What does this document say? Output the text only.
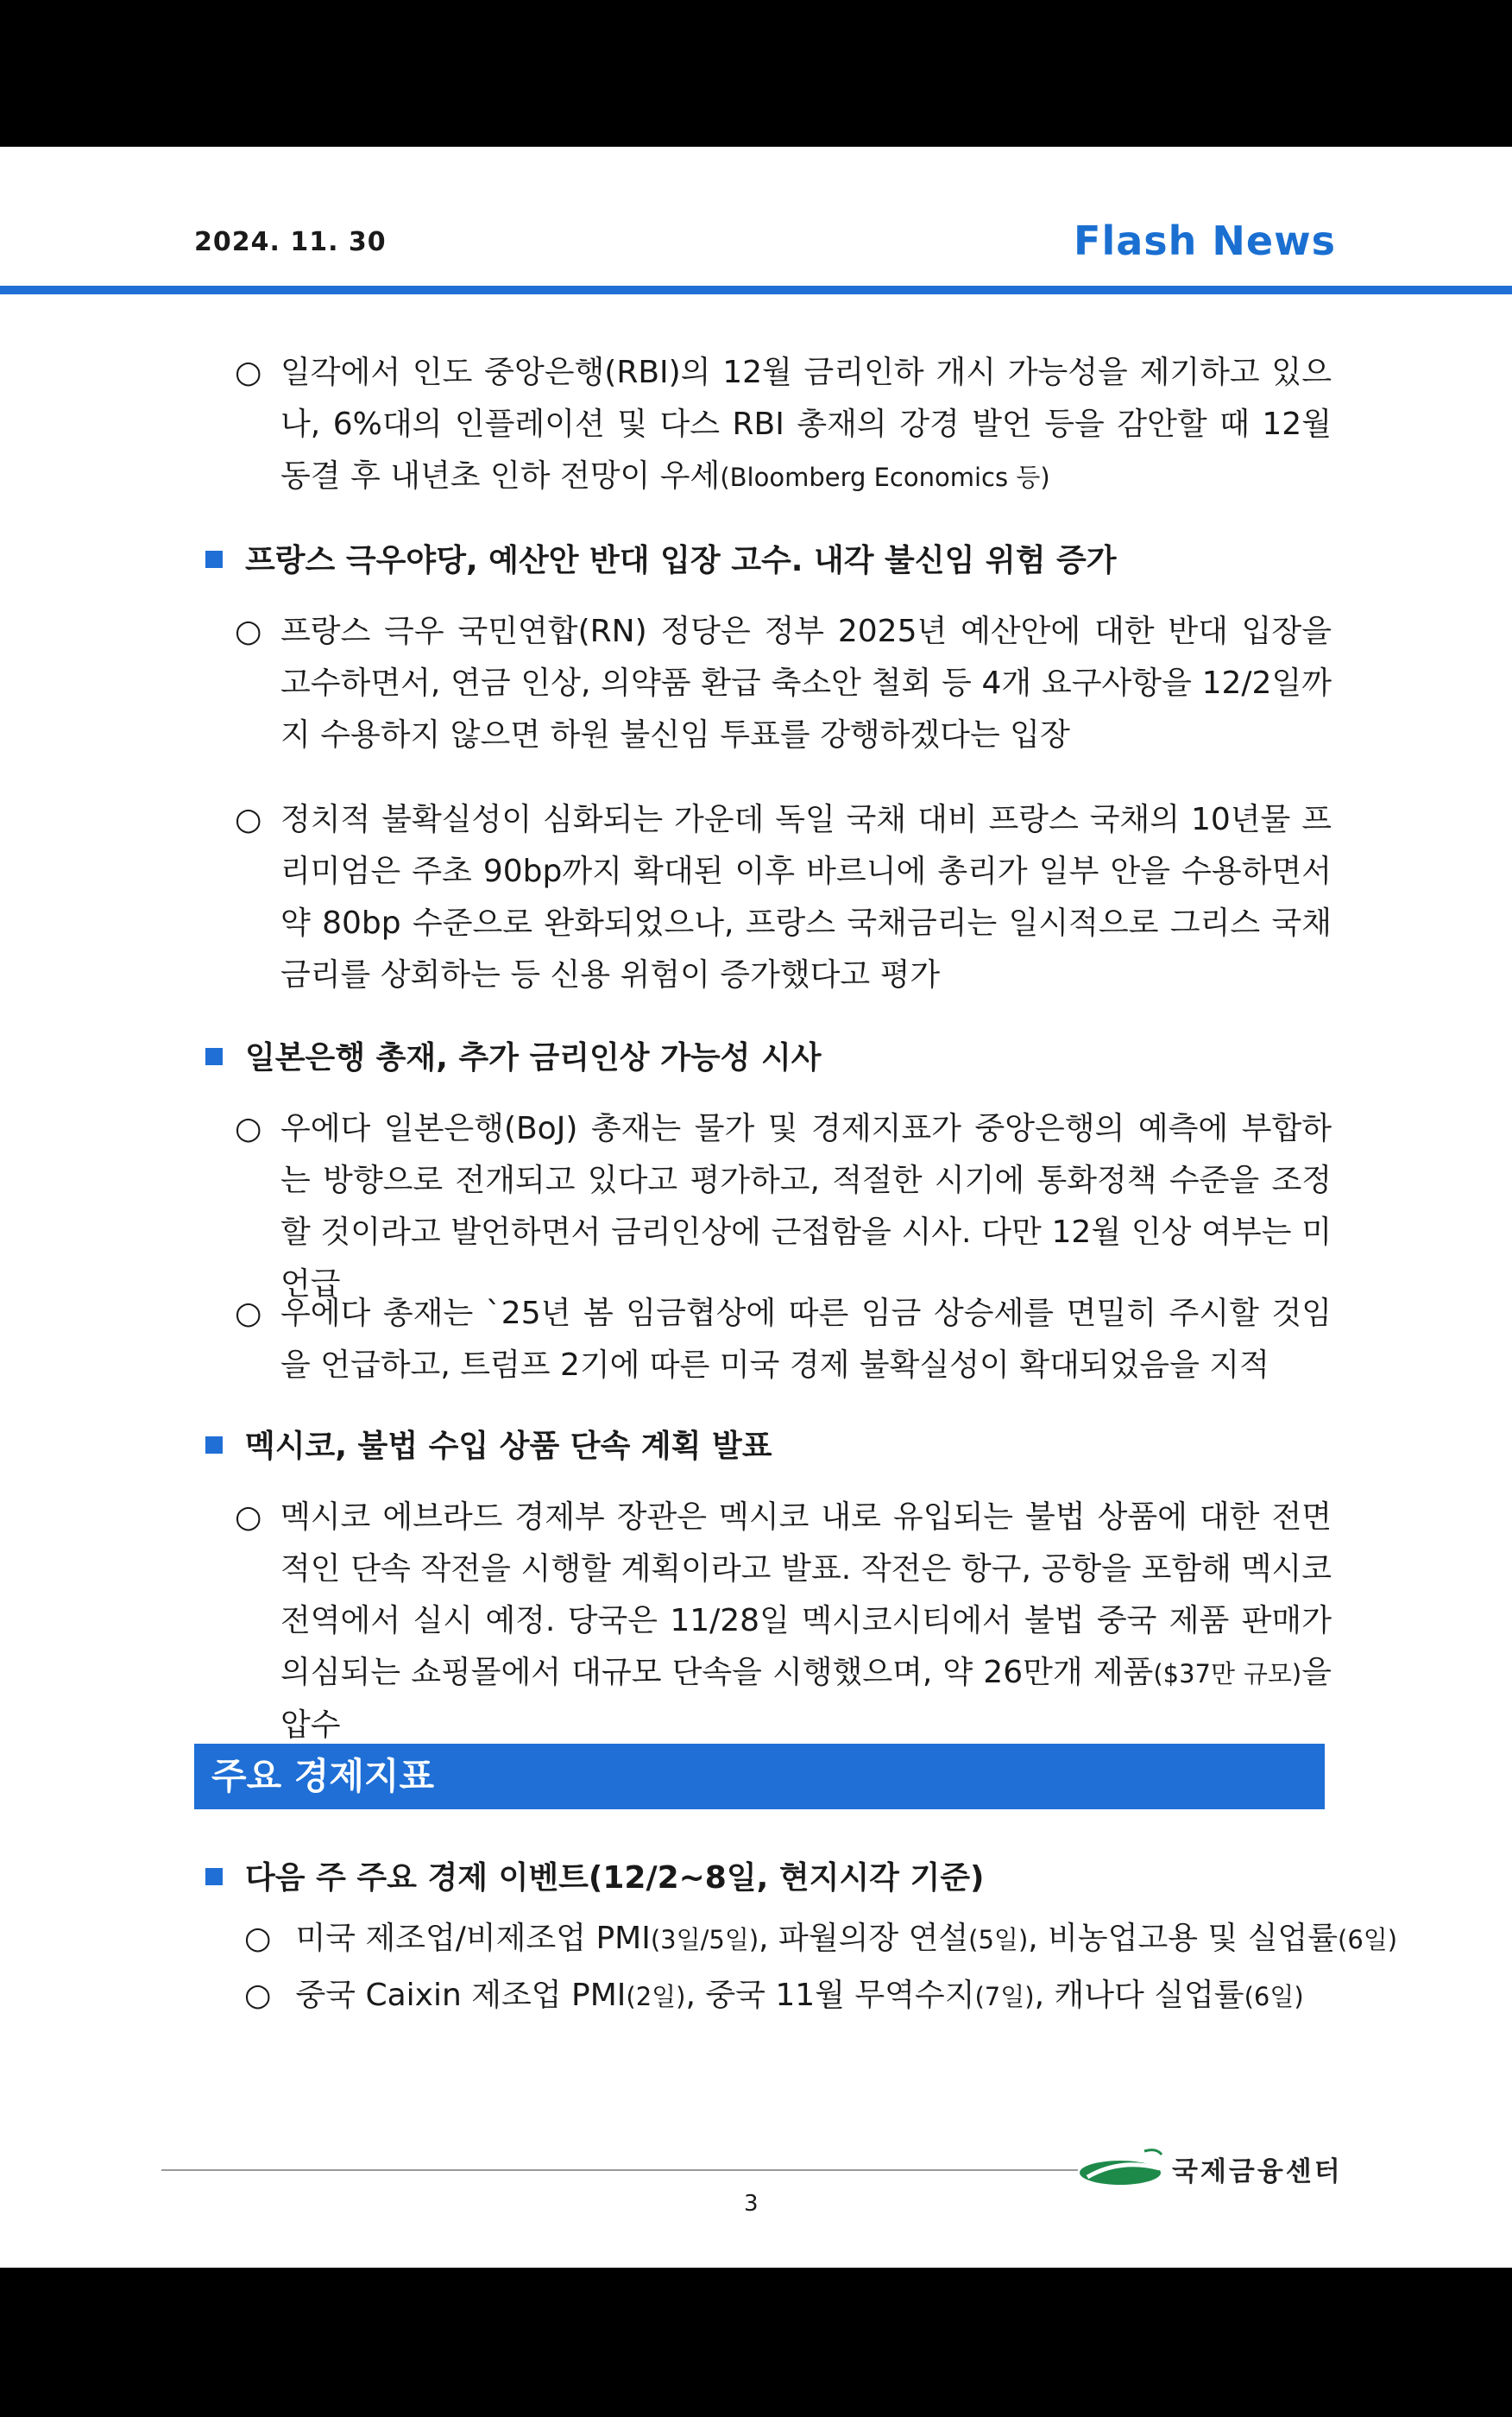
2024. 11. 30	Flash News
○ 일각에서 인도 중앙은행(RBI)의 12월 금리인하 개시 가능성을 제기하고 있으나, 6%대의 인플레이션 및 다스 RBI 총재의 강경 발언 등을 감안할 때 12월 동결 후 내년초 인하 전망이 우세(Bloomberg Economics 등)
프랑스 극우야당, 예산안 반대 입장 고수. 내각 불신임 위험 증가
○ 프랑스 극우 국민연합(RN) 정당은 정부 2025년 예산안에 대한 반대 입장을 고수하면서, 연금 인상, 의약품 환급 축소안 철회 등 4개 요구사항을 12/2일까지 수용하지 않으면 하원 불신임 투표를 강행하겠다는 입장
○ 정치적 불확실성이 심화되는 가운데 독일 국채 대비 프랑스 국채의 10년물 프리미엄은 주초 90bp까지 확대된 이후 바르니에 총리가 일부 안을 수용하면서 약 80bp 수준으로 완화되었으나, 프랑스 국채금리는 일시적으로 그리스 국채금리를 상회하는 등 신용 위험이 증가했다고 평가
일본은행 총재, 추가 금리인상 가능성 시사
○ 우에다 일본은행(BoJ) 총재는 물가 및 경제지표가 중앙은행의 예측에 부합하는 방향으로 전개되고 있다고 평가하고, 적절한 시기에 통화정책 수준을 조정할 것이라고 발언하면서 금리인상에 근접함을 시사. 다만 12월 인상 여부는 미언급
○ 우에다 총재는 `25년 봄 임금협상에 따른 임금 상승세를 면밀히 주시할 것임을 언급하고, 트럼프 2기에 따른 미국 경제 불확실성이 확대되었음을 지적
멕시코, 불법 수입 상품 단속 계획 발표
○ 멕시코 에브라드 경제부 장관은 멕시코 내로 유입되는 불법 상품에 대한 전면적인 단속 작전을 시행할 계획이라고 발표. 작전은 항구, 공항을 포함해 멕시코 전역에서 실시 예정. 당국은 11/28일 멕시코시티에서 불법 중국 제품 판매가 의심되는 쇼핑몰에서 대규모 단속을 시행했으며, 약 26만개 제품($37만 규모)을 압수
주요 경제지표
다음 주 주요 경제 이벤트(12/2~8일, 현지시각 기준)
○ 미국 제조업/비제조업 PMI(3일/5일), 파월의장 연설(5일), 비농업고용 및 실업률(6일)
○ 중국 Caixin 제조업 PMI(2일), 중국 11월 무역수지(7일), 캐나다 실업률(6일)
국제금융센터
3
